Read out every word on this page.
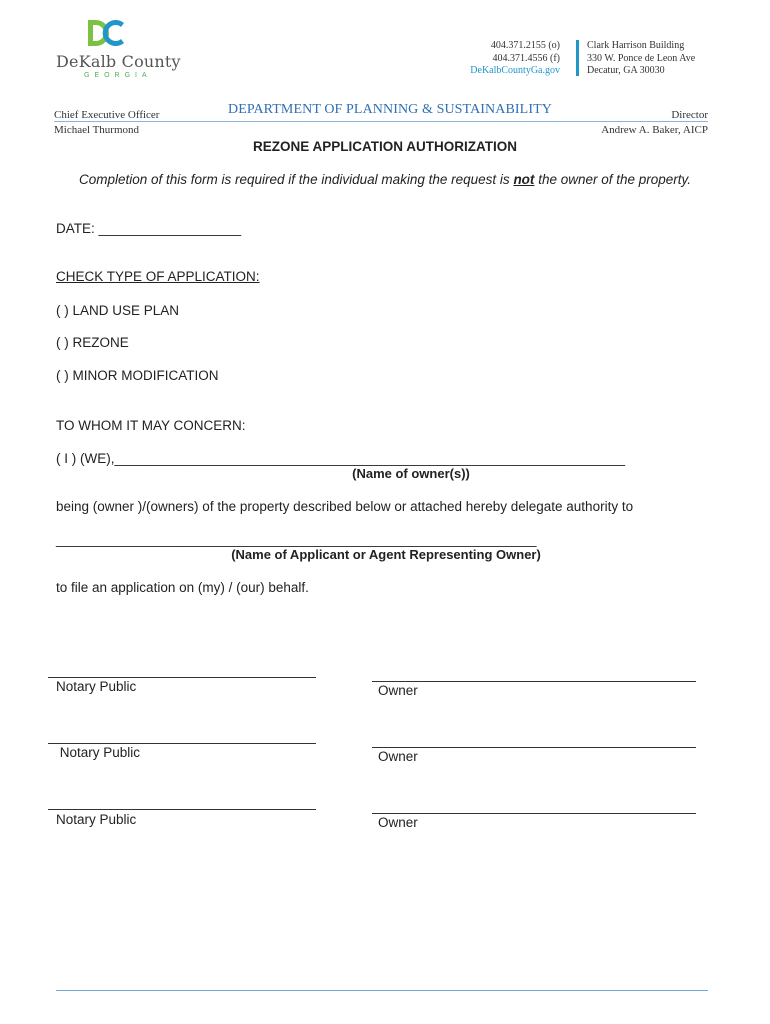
DeKalb County
GEORGIA
404.371.2155 (o)
404.371.4556 (f)
DeKalbCountyGa.gov
Clark Harrison Building
330 W. Ponce de Leon Ave
Decatur, GA 30030
Chief Executive Officer
Michael Thurmond
DEPARTMENT OF PLANNING & SUSTAINABILITY	Director
Andrew A. Baker, AICP
REZONE APPLICATION AUTHORIZATION
Completion of this form is required if the individual making the request is not the owner of the property.
DATE: ___________________
CHECK TYPE OF APPLICATION:
( ) LAND USE PLAN
( ) REZONE
( ) MINOR MODIFICATION
TO WHOM IT MAY CONCERN:
( I ) (WE),____________________________________________________________________
(Name of owner(s))
being (owner )/(owners) of the property described below or attached hereby delegate authority to
________________________________________________________________
(Name of Applicant or Agent Representing Owner)
to file an application on (my) / (our) behalf.
Notary Public	Owner
Notary Public	Owner
Notary Public	Owner
